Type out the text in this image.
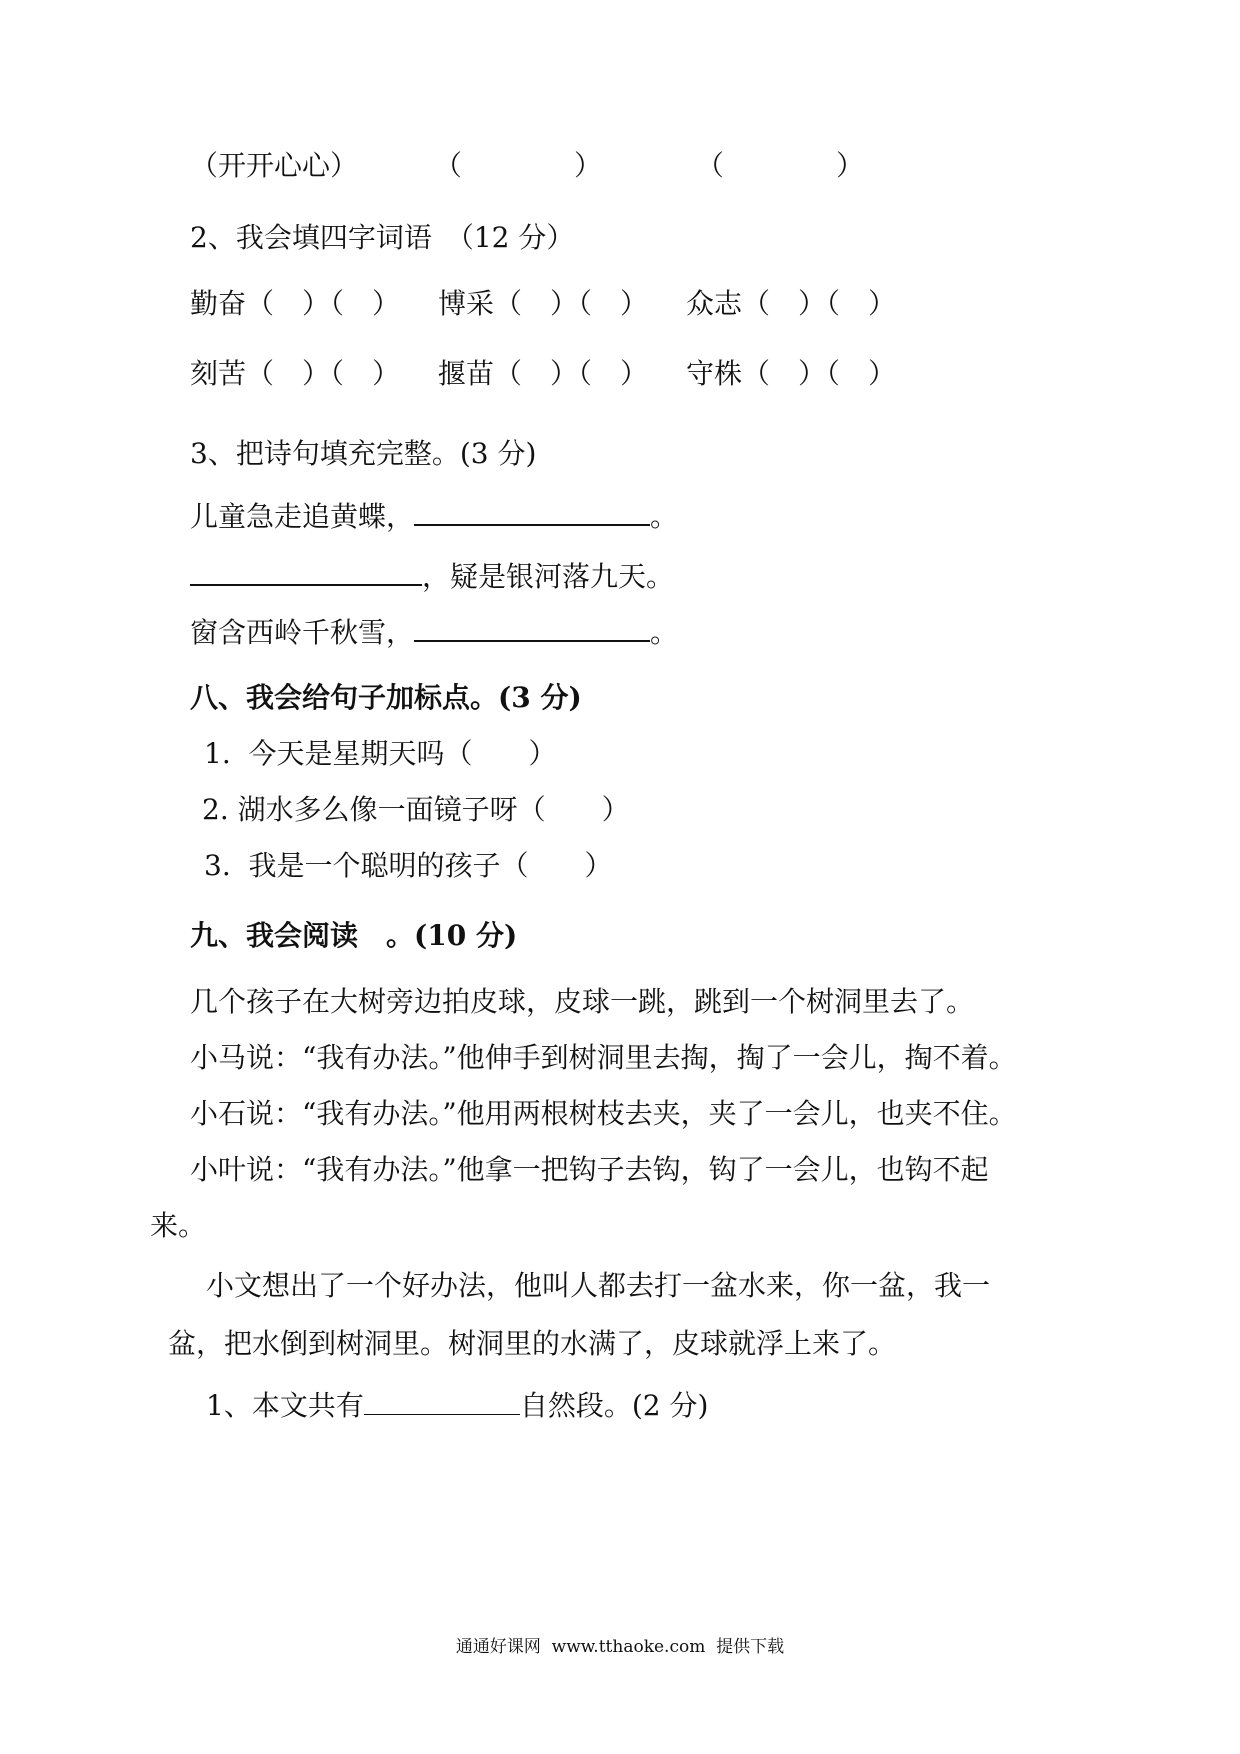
（开开心心）	（　　　　）	（　　　　）
2、我会填四字词语　（12 分）
勤奋（　）（　） 博采（　）（　） 众志（　）（　）
刻苦（　）（　） 揠苗（　）（　） 守株（　）（　）
3、把诗句填充完整。(3 分)
儿童急走追黄蝶，	。
，疑是银河落九天。
窗含西岭千秋雪，	。
八、我会给句子加标点。(3 分)
1.  今天是星期天吗（　　）
2. 湖水多么像一面镜子呀（　　）
3.  我是一个聪明的孩子（　　）
九、我会阅读　。(10 分)
几个孩子在大树旁边拍皮球，皮球一跳，跳到一个树洞里去了。
小马说：“我有办法。”他伸手到树洞里去掏，掏了一会儿，掏不着。
小石说：“我有办法。”他用两根树枝去夹，夹了一会儿，也夹不住。
小叶说：“我有办法。”他拿一把钩子去钩，钩了一会儿，也钩不起
来。
小文想出了一个好办法，他叫人都去打一盆水来，你一盆，我一
盆，把水倒到树洞里。树洞里的水满了，皮球就浮上来了。
1、本文共有	自然段。(2 分)
通通好课网  www.tthaoke.com  提供下载
